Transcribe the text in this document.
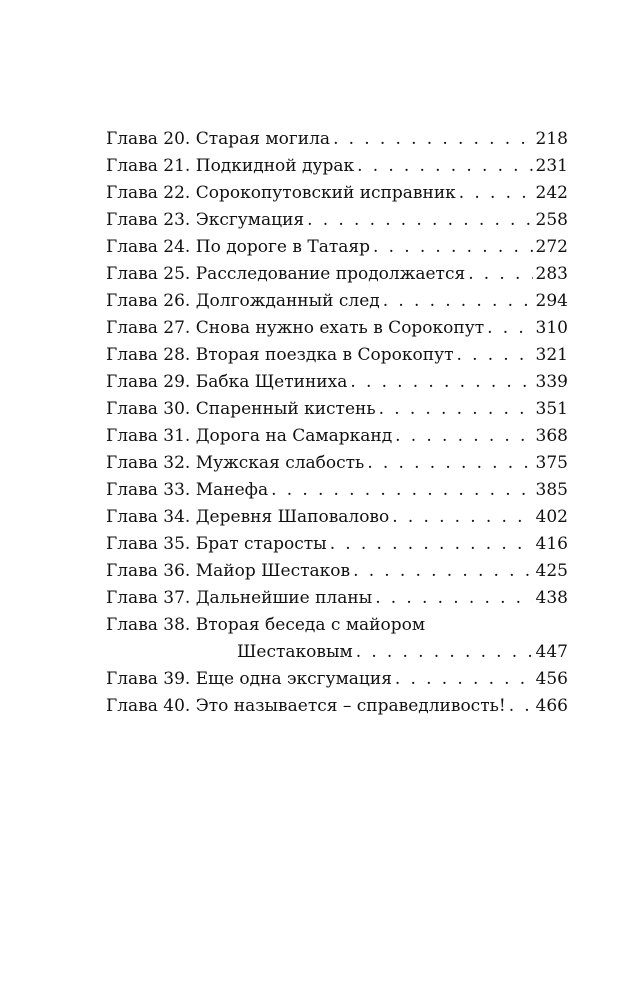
Глава 20. Старая могила . . .	218
Глава 21. Подкидной дурак . . .	231
Глава 22. Сорокопутовский исправник . . .	242
Глава 23. Эксгумация . . .	258
Глава 24. По дороге в Татаяр . . .	272
Глава 25. Расследование продолжается . . .	283
Глава 26. Долгожданный след . . .	294
Глава 27. Снова нужно ехать в Сорокопут . . .	310
Глава 28. Вторая поездка в Сорокопут . . .	321
Глава 29. Бабка Щетиниха . . .	339
Глава 30. Спаренный кистень . . .	351
Глава 31. Дорога на Самарканд . . .	368
Глава 32. Мужская слабость . . .	375
Глава 33. Манефа . . .	385
Глава 34. Деревня Шаповалово . . .	402
Глава 35. Брат старосты . . .	416
Глава 36. Майор Шестаков . . .	425
Глава 37. Дальнейшие планы . . .	438
Глава 38. Вторая беседа с майором
Шестаковым . . .	447
Глава 39. Еще одна эксгумация . . .	456
Глава 40. Это называется – справедливость! . . . 466
